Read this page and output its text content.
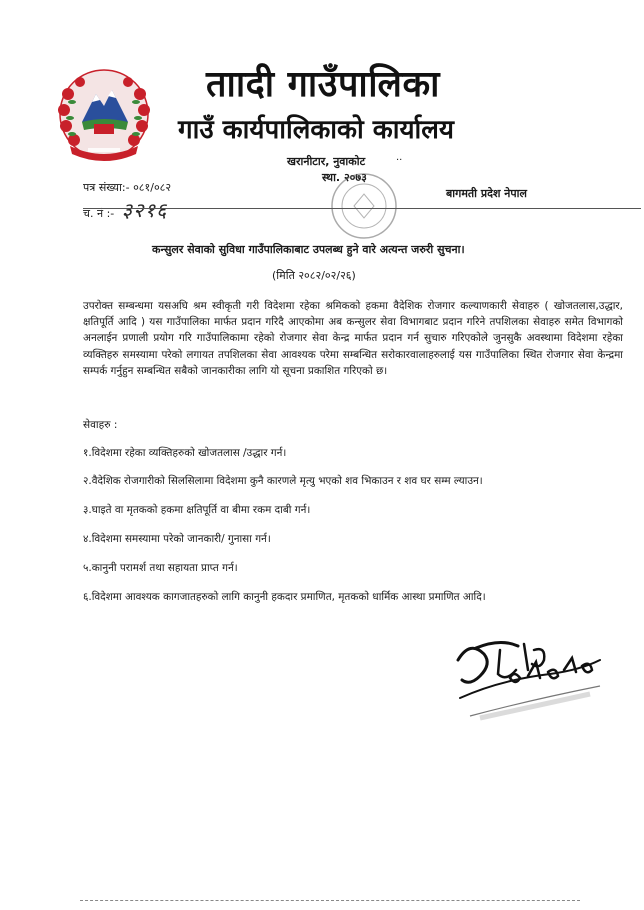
ताादी गाउँपालिका
गाउँ कार्यपालिकाको कार्यालय
खरानीटार, नुवाकोट	..
स्था. २०७३
पत्र संख्या:- ०८१/०८२
च. नं :- ३२१६
बागमती प्रदेश नेपाल
कन्सुलर सेवाको सुविधा गाउँपालिकाबाट उपलब्ध हुने वारे अत्यन्त जरुरी सुचना।
(मिति २०८२/०२/२६)

उपरोक्त सम्बन्धमा यसअघि श्रम स्वीकृती गरी विदेशमा रहेका श्रमिकको हकमा वैदेशिक रोजगार कल्याणकारी सेवाहरु ( खोजतलास,उद्धार, क्षतिपूर्ति आदि ) यस गाउँपालिका मार्फत प्रदान गरिदै आएकोमा अब कन्सुलर सेवा विभागबाट प्रदान गरिने तपशिलका सेवाहरु समेत विभागको अनलाईन प्रणाली प्रयोग गरि गाउँपालिकामा रहेको रोजगार सेवा केन्द्र मार्फत प्रदान गर्न सुचारु गरिएकोले जुनसुकै अवस्थामा विदेशमा रहेका व्यक्तिहरु समस्यामा परेको लगायत तपशिलका सेवा आवश्यक परेमा सम्बन्धित सरोकारवालाहरुलाई यस गाउँपालिका स्थित रोजगार सेवा केन्द्रमा सम्पर्क गर्नुहुन सम्बन्धित सबैको जानकारीका लागि यो सूचना प्रकाशित गरिएको छ।

सेवाहरु :
१.विदेशमा रहेका व्यक्तिहरुको खोजतलास /उद्धार गर्न।
२.वैदेशिक रोजगारीको सिलसिलामा विदेशमा कुनै कारणले मृत्यु भएको शव भिकाउन र शव घर सम्म ल्याउन।
३.घाइते वा मृतकको हकमा क्षतिपूर्ति वा बीमा रकम दाबी गर्न।
४.विदेशमा समस्यामा परेको जानकारी/ गुनासा गर्न।
५.कानुनी परामर्श तथा सहायता प्राप्त गर्न।
६.विदेशमा आवश्यक कागजातहरुको लागि कानुनी हकदार प्रमाणित, मृतकको धार्मिक आस्था प्रमाणित आदि।
